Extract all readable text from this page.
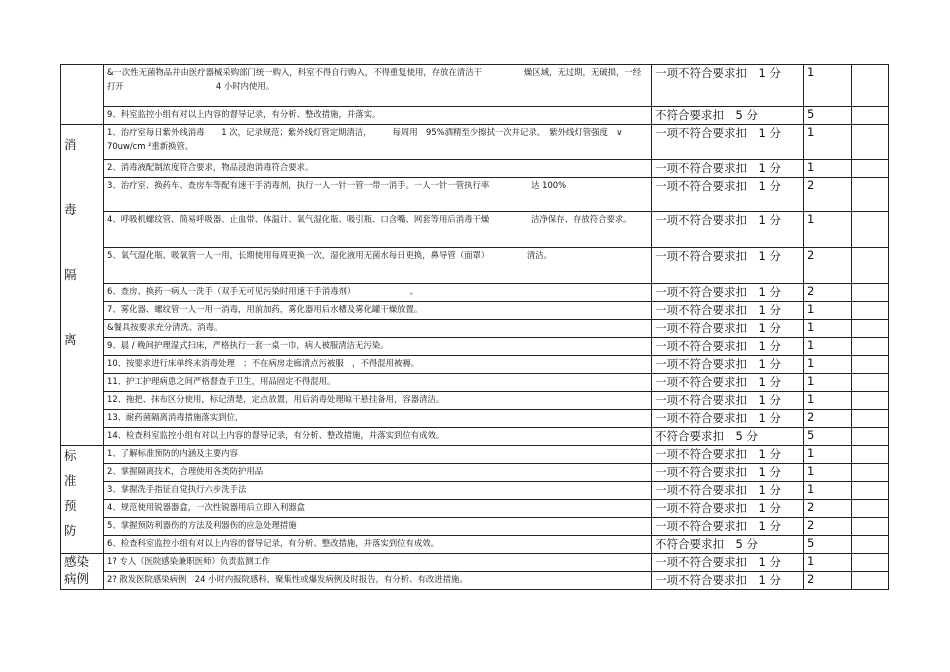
	&一次性无菌物品并由医疗器械采购部门统一购入，科室不得自行购入，不得重复使用，存放在清洁干　　　　　燥区域，无过期，无破损，一经打开　　　　　　　　　　　4 小时内使用。	一项不符合要求扣　1 分	1	
	9、科室监控小组有对以上内容的督导记录，有分析、整改措施，并落实。	不符合要求扣　5 分	5	

消
毒
隔
离	1、治疗室每日紫外线消毒　　1 次，记录规范；紫外线灯管定期清洁，　　　每周用　95%酒精至少擦拭一次并记录。　紫外线灯管强度　∨ 70uw/cm ²重新换管。	一项不符合要求扣　1 分	1	
	2、消毒液配制浓度符合要求，物品浸泡消毒符合要求。	一项不符合要求扣　1 分	1	
	3、治疗室、换药车、查房车等配有速干手消毒剂，执行一人一针一管一带一消手。一人一针一管执行率　　　　　达 100%	一项不符合要求扣　1 分	2	
	4、呼吸机螺纹管、简易呼吸器、止血带、体温计、氧气湿化瓶、吸引瓶、口含嘴、网套等用后消毒干燥　　　　　洁净保存、存放符合要求。	一项不符合要求扣　1 分	1	
	5、氧气湿化瓶、吸氧管一人一用，长期使用每周更换一次，湿化液用无菌水每日更换，鼻导管（面罩）　　　　　清洁。	一项不符合要求扣　1 分	2	
	6、查房、换药一病人一洗手（双手无可见污染时用速干手消毒剂）　　　　　　　。	一项不符合要求扣　1 分	2	
	7、雾化器、螺纹管一人一用一消毒，用前加药，雾化器用后水槽及雾化罐干燥放置。	一项不符合要求扣　1 分	1	
	&餐具按要求充分清洗、消毒。	一项不符合要求扣　1 分	1	
	9、晨 / 晚间护理湿式扫床，严格执行一套一桌一巾，病人被服清洁无污染。	一项不符合要求扣　1 分	1	
	10、按要求进行床单终末消毒处理　；不在病房走廊清点污被服　，不得混用被褥。	一项不符合要求扣　1 分	1	
	11、护工护理病患之间严格督查手卫生，用品固定不得混用。	一项不符合要求扣　1 分	1	
	12、拖把、抹布区分使用，标记清楚，定点放置，用后消毒处理晾干悬挂备用，容器清洁。	一项不符合要求扣　1 分	1	
	13、耐药菌隔离消毒措施落实到位，	一项不符合要求扣　1 分	2	
	14、检查科室监控小组有对以上内容的督导记录，有分析、整改措施，并落实到位有成效。	不符合要求扣　5 分	5	

标
准
预
防	1、了解标准预防的内涵及主要内容	一项不符合要求扣　1 分	1	
	2、掌握隔离技术，合理使用各类防护用品	一项不符合要求扣　1 分	1	
	3、掌握洗手指征自觉执行六步洗手法	一项不符合要求扣　1 分	1	
	4、规范使用锐器器盒，一次性锐器用后立即入利器盒	一项不符合要求扣　1 分	2	
	5、掌握预防利器伤的方法及利器伤的应急处理措施	一项不符合要求扣　1 分	2	
	6、检查科室监控小组有对以上内容的督导记录，有分析、整改措施，并落实到位有成效。	不符合要求扣　5 分	5	

感染
病例	1? 专人（医院感染兼职医师）负责监测工作	一项不符合要求扣　1 分	1	
	2? 散发医院感染病例　24 小时内报院感科，聚集性或爆发病例及时报告，有分析、有改进措施。	一项不符合要求扣　1 分	2	
